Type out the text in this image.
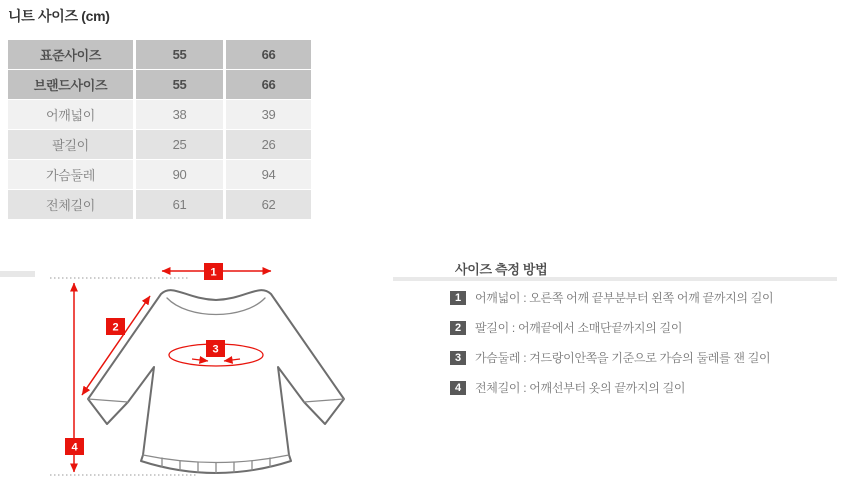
니트 사이즈 (cm)
표준사이즈	55	66
브랜드사이즈	55	66
어깨넓이	38	39
팔길이	25	26
가슴둘레	90	94
전체길이	61	62
1
2
3
4
사이즈 측정 방법
1	어깨넓이 : 오른쪽 어깨 끝부분부터 왼쪽 어깨 끝까지의 길이
2	팔길이 : 어깨끝에서 소매단끝까지의 길이
3	가슴둘레 : 겨드랑이안쪽을 기준으로 가슴의 둘레를 잰 길이
4	전체길이 : 어깨선부터 옷의 끝까지의 길이
